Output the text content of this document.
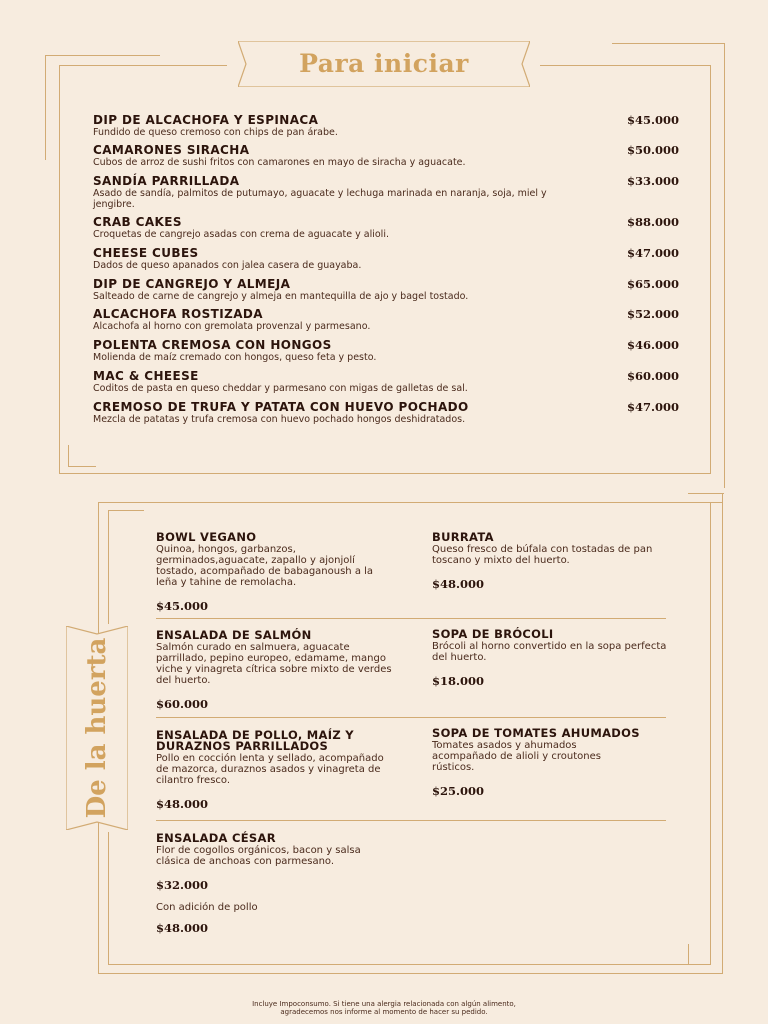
Para iniciar
DIP DE ALCACHOFA Y ESPINACA
Fundido de queso cremoso con chips de pan árabe.
$45.000
CAMARONES SIRACHA
Cubos de arroz de sushi fritos con camarones en mayo de siracha y aguacate.
$50.000
SANDÍA PARRILLADA
Asado de sandía, palmitos de putumayo, aguacate y lechuga marinada en naranja, soja, miel y jengibre.
$33.000
CRAB CAKES
Croquetas de cangrejo asadas con crema de aguacate y alioli.
$88.000
CHEESE CUBES
Dados de queso apanados con jalea casera de guayaba.
$47.000
DIP DE CANGREJO Y ALMEJA
Salteado de carne de cangrejo y almeja en mantequilla de ajo y bagel tostado.
$65.000
ALCACHOFA ROSTIZADA
Alcachofa al horno con gremolata provenzal y parmesano.
$52.000
POLENTA CREMOSA CON HONGOS
Molienda de maíz cremado con hongos, queso feta y pesto.
$46.000
MAC & CHEESE
Coditos de pasta en queso cheddar y parmesano con migas de galletas de sal.
$60.000
CREMOSO DE TRUFA Y PATATA CON HUEVO POCHADO
Mezcla de patatas y trufa cremosa con huevo pochado hongos deshidratados.
$47.000
De la huerta
BOWL VEGANO
Quinoa, hongos, garbanzos, germinados,aguacate, zapallo y ajonjolí tostado, acompañado de babaganoush a la leña y tahine de remolacha.
$45.000
ENSALADA DE SALMÓN
Salmón curado en salmuera, aguacate parrillado, pepino europeo, edamame, mango viche y vinagreta cítrica sobre mixto de verdes del huerto.
$60.000
ENSALADA DE POLLO, MAÍZ Y DURAZNOS PARRILLADOS
Pollo en cocción lenta y sellado, acompañado de mazorca, duraznos asados y vinagreta de cilantro fresco.
$48.000
ENSALADA CÉSAR
Flor de cogollos orgánicos, bacon y salsa clásica de anchoas con parmesano.
$32.000
Con adición de pollo
$48.000
BURRATA
Queso fresco de búfala con tostadas de pan toscano y mixto del huerto.
$48.000
SOPA DE BRÓCOLI
Brócoli al horno convertido en la sopa perfecta del huerto.
$18.000
SOPA DE TOMATES AHUMADOS
Tomates asados y ahumados acompañado de alioli y croutones rústicos.
$25.000
Incluye Impoconsumo. Si tiene una alergia relacionada con algún alimento,
agradecemos nos informe al momento de hacer su pedido.
